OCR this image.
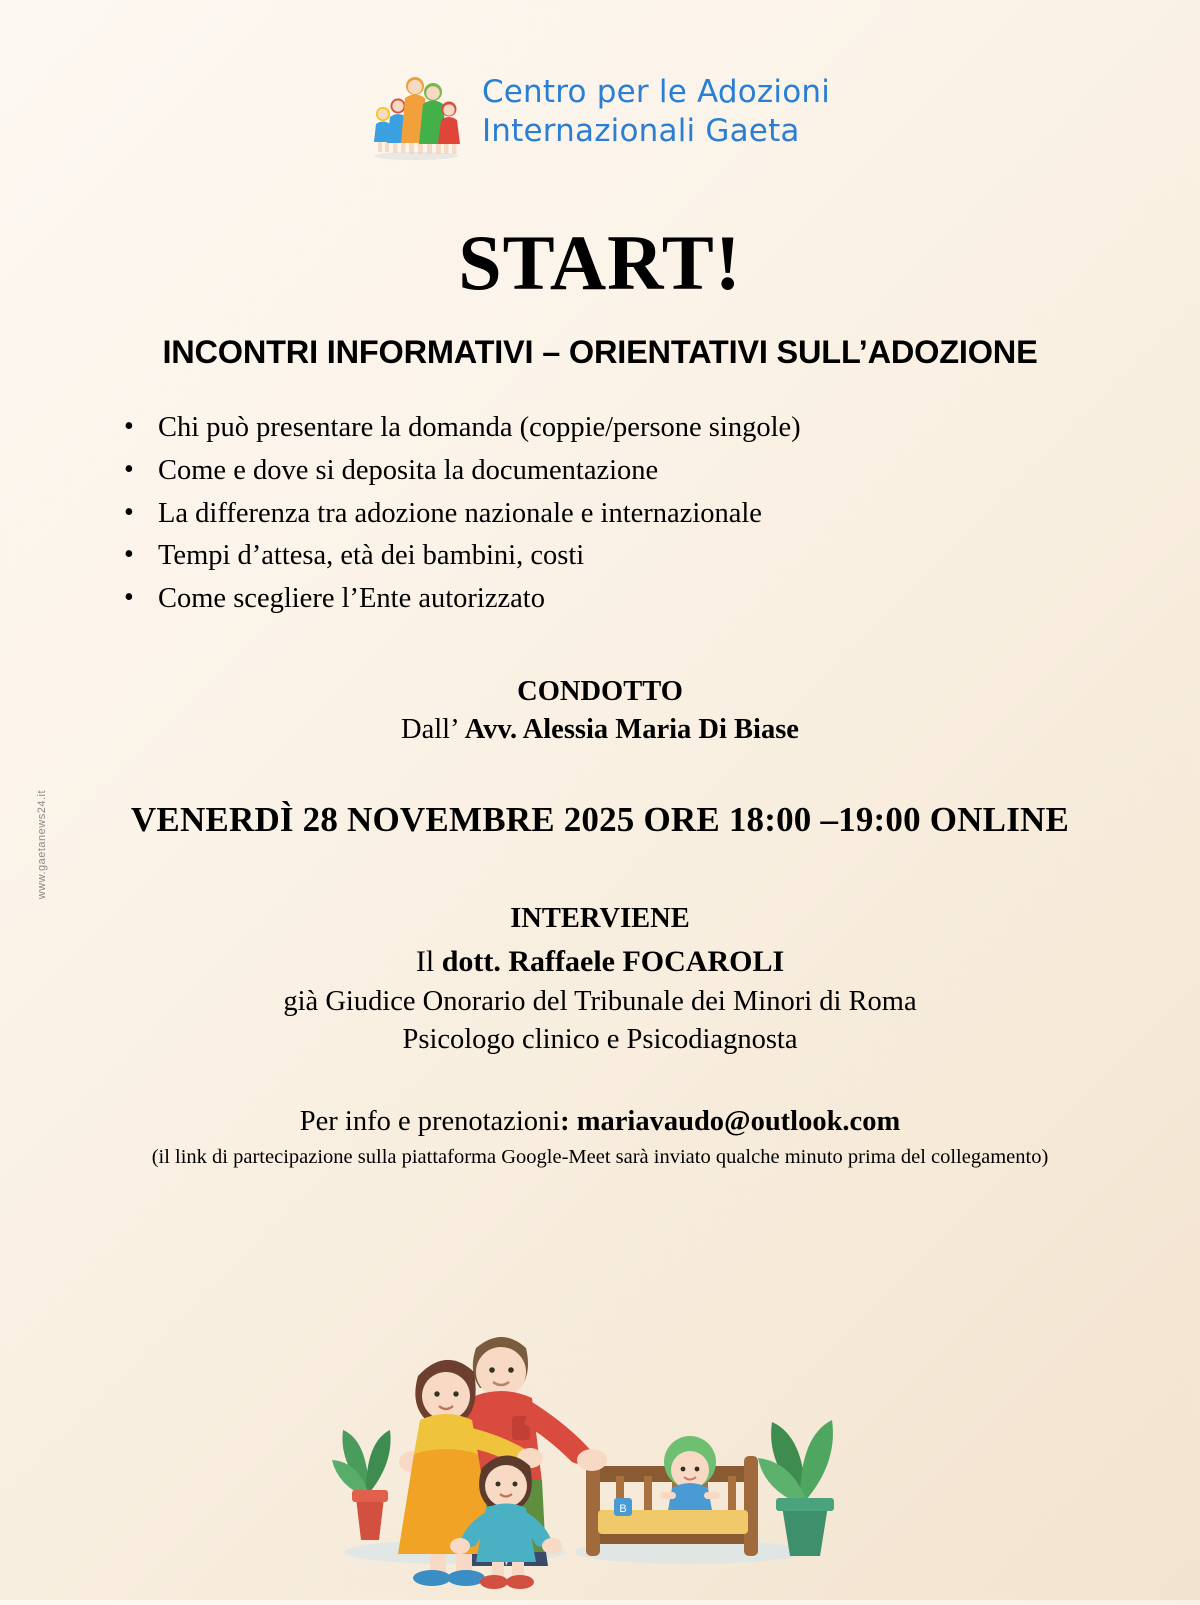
www.gaetanews24.it
Centro per le Adozioni
Internazionali Gaeta
START!
INCONTRI INFORMATIVI – ORIENTATIVI SULL’ADOZIONE
• Chi può presentare la domanda (coppie/persone singole)
• Come e dove si deposita la documentazione
• La differenza tra adozione nazionale e internazionale
• Tempi d’attesa, età dei bambini, costi
• Come scegliere l’Ente autorizzato
CONDOTTO
Dall’ Avv. Alessia Maria Di Biase
VENERDÌ 28 NOVEMBRE 2025 ORE 18:00 –19:00 ONLINE
INTERVIENE
Il dott. Raffaele FOCAROLI
già Giudice Onorario del Tribunale dei Minori di Roma
Psicologo clinico e Psicodiagnosta
Per info e prenotazioni: mariavaudo@outlook.com
(il link di partecipazione sulla piattaforma Google-Meet sarà inviato qualche minuto prima del collegamento)
B
